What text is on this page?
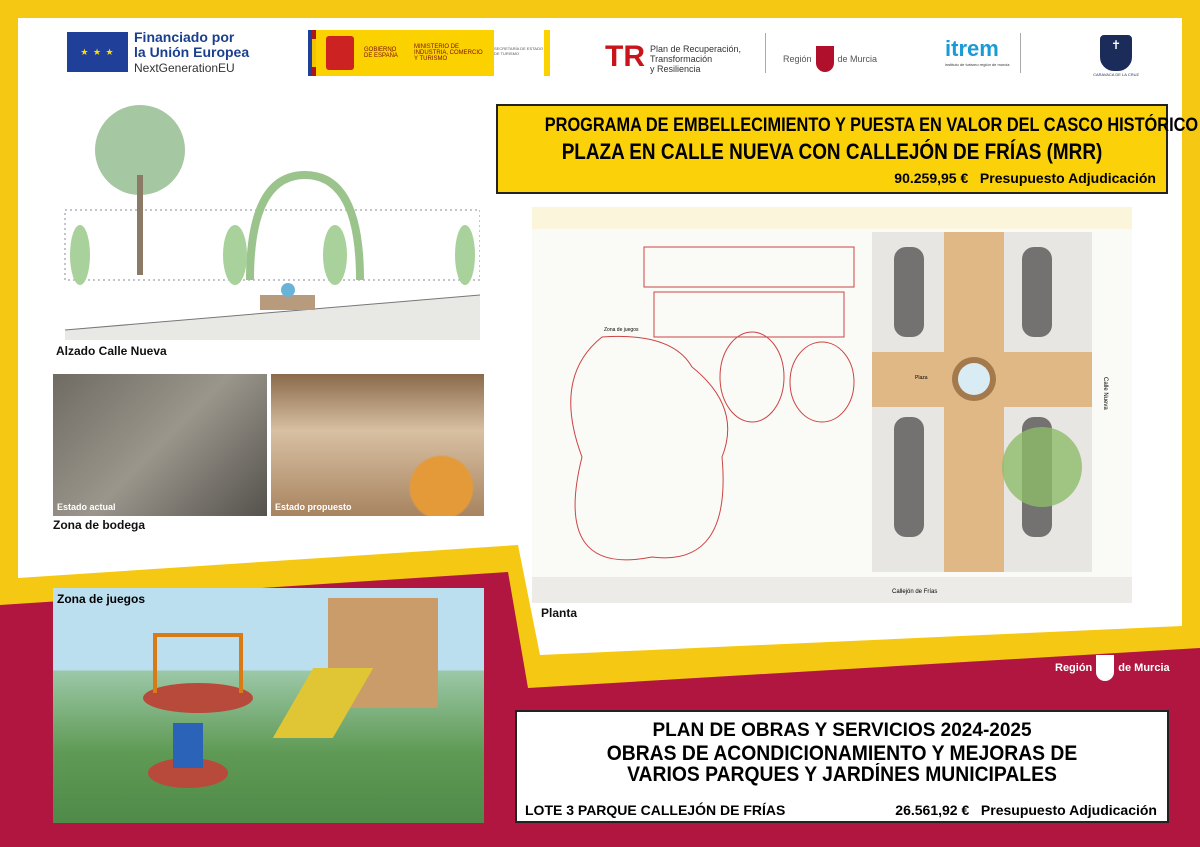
★ ★ ★
Financiado por
la Unión Europea
NextGenerationEU
GOBIERNO DE ESPAÑA
MINISTERIO DE INDUSTRIA, COMERCIO Y TURISMO
SECRETARÍA DE ESTADO DE TURISMO	TR Plan de Recuperación,
Transformación
y Resiliencia
Región	de Murcia	itrem
instituto de turismo región de murcia
✝
CARAVACA DE LA CRUZ
PROGRAMA DE EMBELLECIMIENTO Y PUESTA EN VALOR DEL CASCO HISTÓRICO
PLAZA EN CALLE NUEVA CON CALLEJÓN DE FRÍAS (MRR)
90.259,95 € Presupuesto Adjudicación
Alzado Calle Nueva
Estado actual	Estado propuesto
Zona de bodega
Zona de juegos
Plaza	Calle Nueva
Callejón de Frías
Planta
Zona de juegos
Región de Murcia
PLAN DE OBRAS Y SERVICIOS 2024-2025
OBRAS DE ACONDICIONAMIENTO Y MEJORAS DE
VARIOS PARQUES Y JARDÍNES MUNICIPALES
LOTE 3 PARQUE CALLEJÓN DE FRÍAS	26.561,92 € Presupuesto Adjudicación
